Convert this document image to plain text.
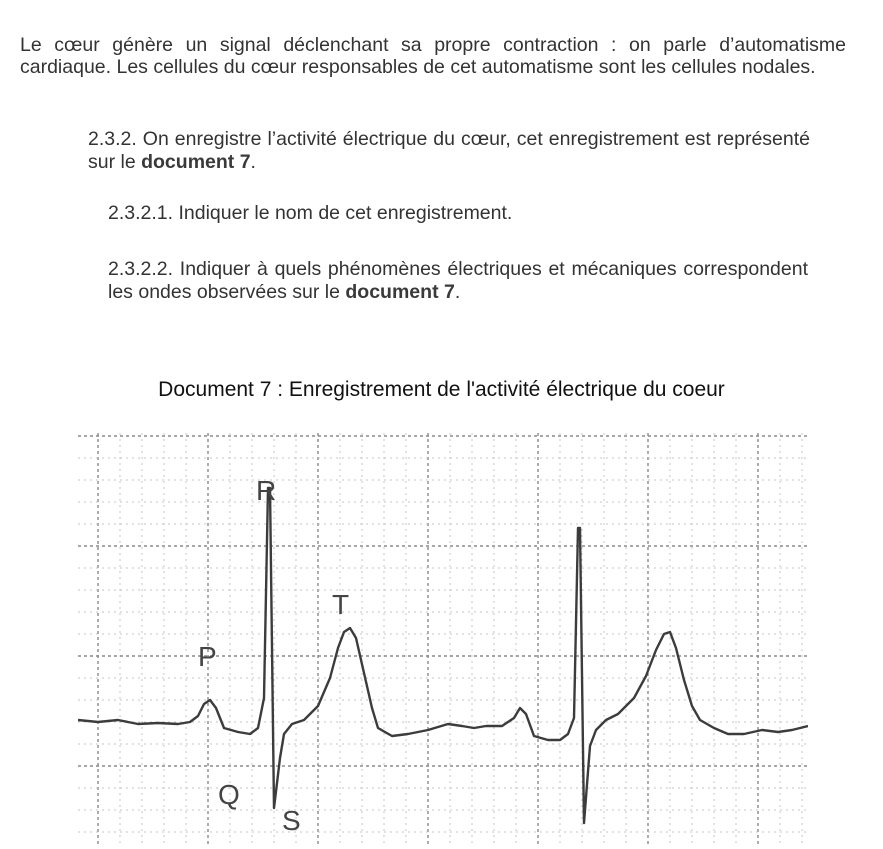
Le cœur génère un signal déclenchant sa propre contraction : on parle d’automatisme cardiaque. Les cellules du cœur responsables de cet automatisme sont les cellules nodales.

2.3.2. On enregistre l’activité électrique du cœur, cet enregistrement est représenté sur le document 7.
2.3.2.1. Indiquer le nom de cet enregistrement.
2.3.2.2. Indiquer à quels phénomènes électriques et mécaniques correspondent les ondes observées sur le document 7.
Document 7 : Enregistrement de l'activité électrique du coeur
P
Q
R
S
T
